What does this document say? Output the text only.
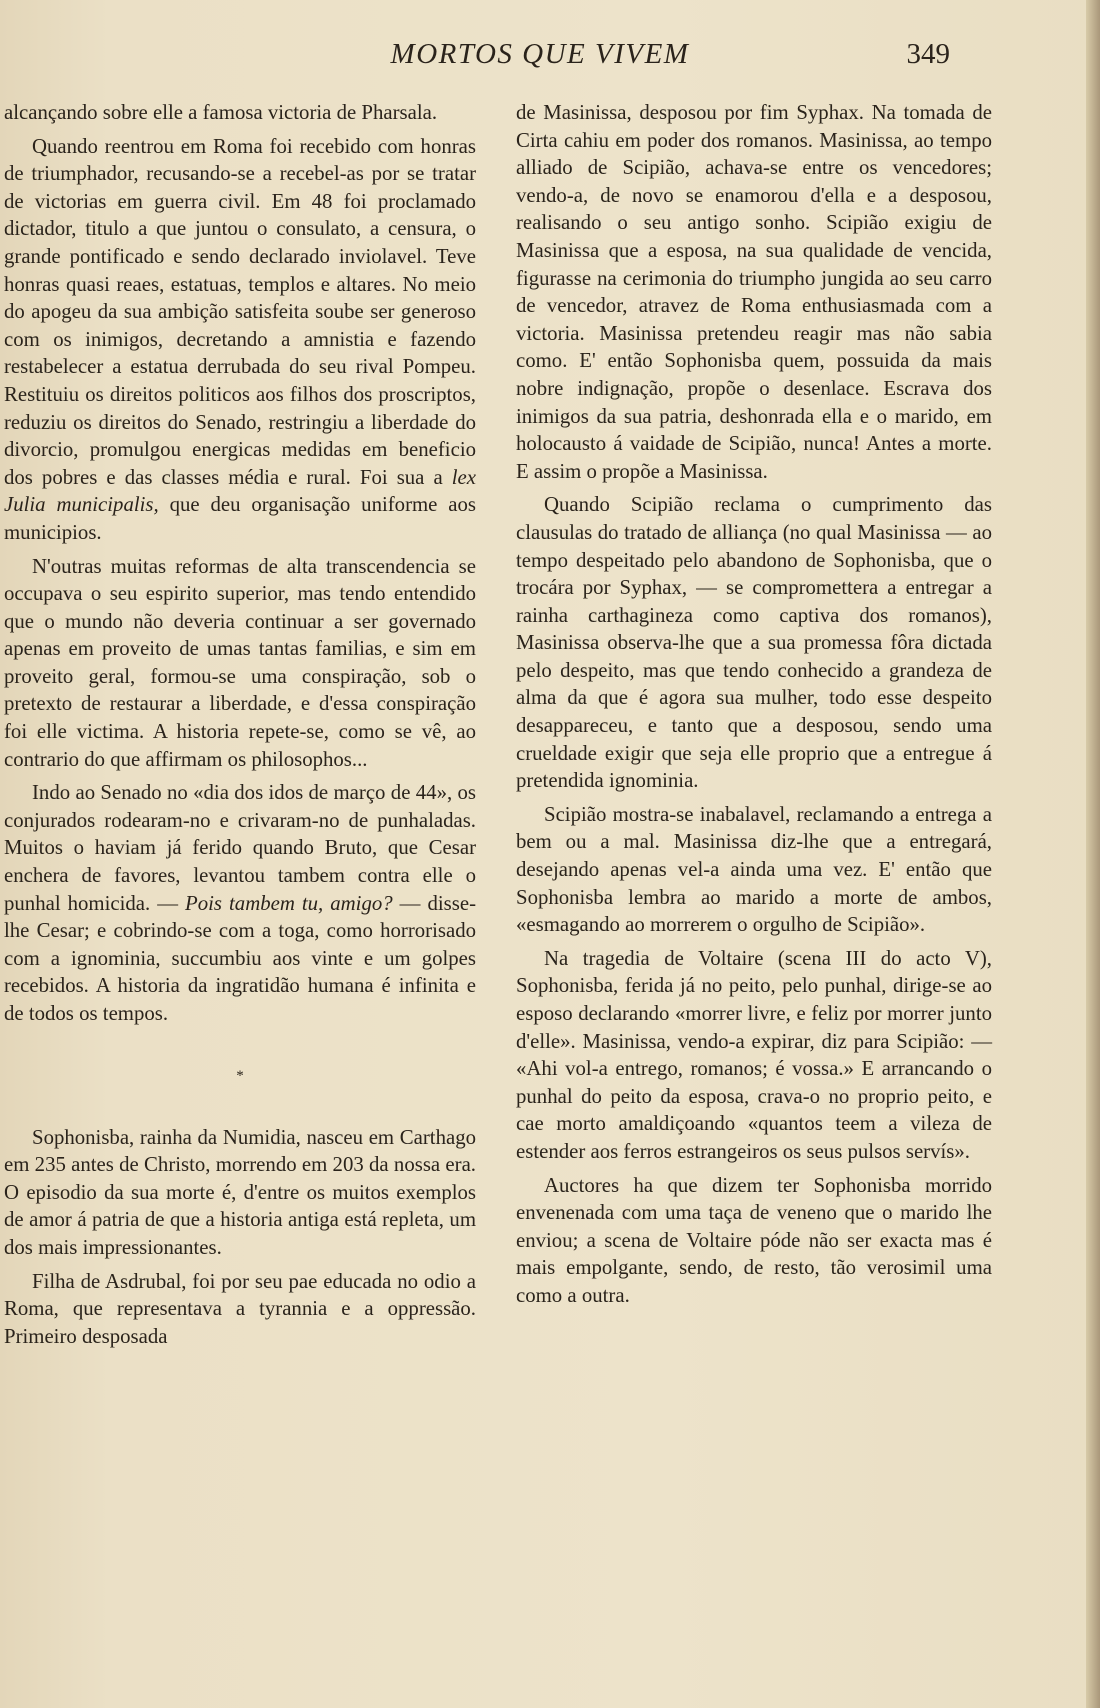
MORTOS QUE VIVEM	349

alcançando sobre elle a famosa victoria de Pharsala.

Quando reentrou em Roma foi recebido com honras de triumphador, recusando-se a recebel-as por se tratar de victorias em guerra civil. Em 48 foi proclamado dictador, titulo a que juntou o consulato, a censura, o grande pontificado e sendo declarado inviolavel. Teve honras quasi reaes, estatuas, templos e altares. No meio do apogeu da sua ambição satisfeita soube ser generoso com os inimigos, decretando a amnistia e fazendo restabelecer a estatua derrubada do seu rival Pompeu. Restituiu os direitos politicos aos filhos dos proscriptos, reduziu os direitos do Senado, restringiu a liberdade do divorcio, promulgou energicas medidas em beneficio dos pobres e das classes média e rural. Foi sua a lex Julia municipalis, que deu organisação uniforme aos municipios.

N'outras muitas reformas de alta transcendencia se occupava o seu espirito superior, mas tendo entendido que o mundo não deveria continuar a ser governado apenas em proveito de umas tantas familias, e sim em proveito geral, formou-se uma conspiração, sob o pretexto de restaurar a liberdade, e d'essa conspiração foi elle victima. A historia repete-se, como se vê, ao contrario do que affirmam os philosophos...

Indo ao Senado no «dia dos idos de março de 44», os conjurados rodearam-no e crivaram-no de punhaladas. Muitos o haviam já ferido quando Bruto, que Cesar enchera de favores, levantou tambem contra elle o punhal homicida. — Pois tambem tu, amigo? — disse-lhe Cesar; e cobrindo-se com a toga, como horrorisado com a ignominia, succumbiu aos vinte e um golpes recebidos. A historia da ingratidão humana é infinita e de todos os tempos.

*

Sophonisba, rainha da Numidia, nasceu em Carthago em 235 antes de Christo, morrendo em 203 da nossa era. O episodio da sua morte é, d'entre os muitos exemplos de amor á patria de que a historia antiga está repleta, um dos mais impressionantes.

Filha de Asdrubal, foi por seu pae educada no odio a Roma, que representava a tyrannia e a oppressão. Primeiro desposada

de Masinissa, desposou por fim Syphax. Na tomada de Cirta cahiu em poder dos romanos. Masinissa, ao tempo alliado de Scipião, achava-se entre os vencedores; vendo-a, de novo se enamorou d'ella e a desposou, realisando o seu antigo sonho. Scipião exigiu de Masinissa que a esposa, na sua qualidade de vencida, figurasse na cerimonia do triumpho jungida ao seu carro de vencedor, atravez de Roma enthusiasmada com a victoria. Masinissa pretendeu reagir mas não sabia como. E' então Sophonisba quem, possuida da mais nobre indignação, propõe o desenlace. Escrava dos inimigos da sua patria, deshonrada ella e o marido, em holocausto á vaidade de Scipião, nunca! Antes a morte. E assim o propõe a Masinissa.

Quando Scipião reclama o cumprimento das clausulas do tratado de alliança (no qual Masinissa — ao tempo despeitado pelo abandono de Sophonisba, que o trocára por Syphax, — se compromettera a entregar a rainha carthagineza como captiva dos romanos), Masinissa observa-lhe que a sua promessa fôra dictada pelo despeito, mas que tendo conhecido a grandeza de alma da que é agora sua mulher, todo esse despeito desappareceu, e tanto que a desposou, sendo uma crueldade exigir que seja elle proprio que a entregue á pretendida ignominia.

Scipião mostra-se inabalavel, reclamando a entrega a bem ou a mal. Masinissa diz-lhe que a entregará, desejando apenas vel-a ainda uma vez. E' então que Sophonisba lembra ao marido a morte de ambos, «esmagando ao morrerem o orgulho de Scipião».

Na tragedia de Voltaire (scena III do acto V), Sophonisba, ferida já no peito, pelo punhal, dirige-se ao esposo declarando «morrer livre, e feliz por morrer junto d'elle». Masinissa, vendo-a expirar, diz para Scipião: — «Ahi vol-a entrego, romanos; é vossa.» E arrancando o punhal do peito da esposa, crava-o no proprio peito, e cae morto amaldiçoando «quantos teem a vileza de estender aos ferros estrangeiros os seus pulsos servís».

Auctores ha que dizem ter Sophonisba morrido envenenada com uma taça de veneno que o marido lhe enviou; a scena de Voltaire póde não ser exacta mas é mais empolgante, sendo, de resto, tão verosimil uma como a outra.
